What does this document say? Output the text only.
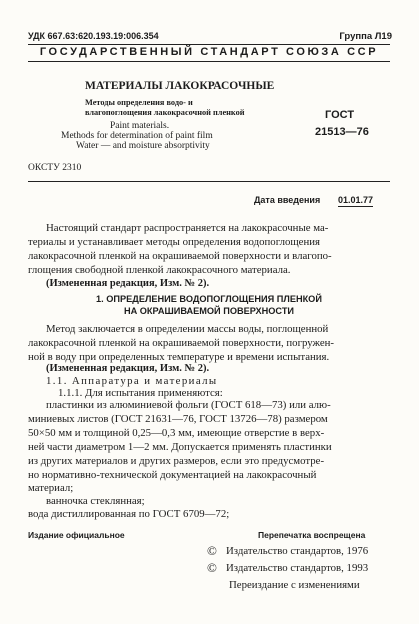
УДК 667.63:620.193.19:006.354	Группа Л19
ГОСУДАРСТВЕННЫЙ СТАНДАРТ СОЮЗА ССР
МАТЕРИАЛЫ ЛАКОКРАСОЧНЫЕ
Методы определения водо- и
влагопоглощения лакокрасочной пленкой
Paint materials.
Methods for determination of paint film
Water — and moisture absorptivity
ГОСТ
21513—76
ОКСТУ 2310
Дата введения 01.01.77
Настоящий стандарт распространяется на лакокрасочные ма-
териалы и устанавливает методы определения водопоглощения
лакокрасочной пленкой на окрашиваемой поверхности и влагопо-
глощения свободной пленкой лакокрасочного материала.
(Измененная редакция, Изм. № 2).
1. ОПРЕДЕЛЕНИЕ ВОДОПОГЛОЩЕНИЯ ПЛЕНКОЙ
НА ОКРАШИВАЕМОЙ ПОВЕРХНОСТИ
Метод заключается в определении массы воды, поглощенной
лакокрасочной пленкой на окрашиваемой поверхности, погружен-
ной в воду при определенных температуре и времени испытания.
(Измененная редакция, Изм. № 2).
1.1. Аппаратура и материалы
1.1.1. Для испытания применяются:
пластинки из алюминиевой фольги (ГОСТ 618—73) или алю-
миниевых листов (ГОСТ 21631—76, ГОСТ 13726—78) размером
50×50 мм и толщиной 0,25—0,3 мм, имеющие отверстие в верх-
ней части диаметром 1—2 мм. Допускается применять пластинки
из других материалов и других размеров, если это предусмотре-
но нормативно-технической документацией на лакокрасочный
материал;
ванночка стеклянная;
вода дистиллированная по ГОСТ 6709—72;
Издание официальное	Перепечатка воспрещена
© Издательство стандартов, 1976
© Издательство стандартов, 1993
Переиздание с изменениями
